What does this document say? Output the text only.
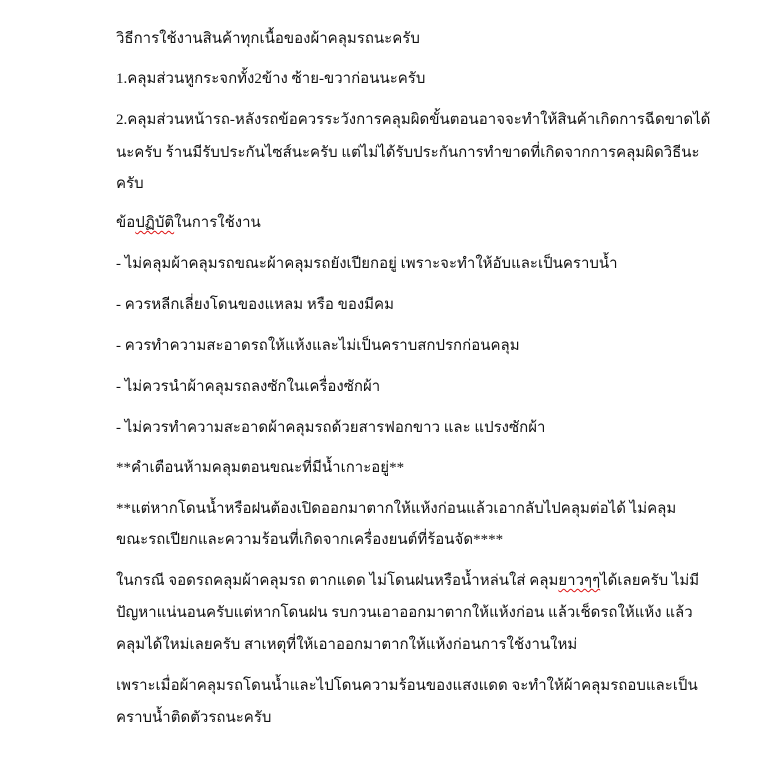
วิธีการใช้งานสินค้าทุกเนื้อของผ้าคลุมรถนะครับ
1.คลุมส่วนหูกระจกทั้ง2ข้าง ซ้าย-ขวาก่อนนะครับ
2.คลุมส่วนหน้ารถ-หลังรถข้อควรระวังการคลุมผิดขั้นตอนอาจจะทำให้สินค้าเกิดการฉีดขาดได้
นะครับ ร้านมีรับประกันไซส์นะครับ แต่ไม่ได้รับประกันการทำขาดที่เกิดจากการคลุมผิดวิธีนะ
ครับ
ข้อปฏิบัติในการใช้งาน
- ไม่คลุมผ้าคลุมรถขณะผ้าคลุมรถยังเปียกอยู่ เพราะจะทำให้อับและเป็นคราบน้ำ
- ควรหลีกเลี่ยงโดนของแหลม หรือ ของมีคม
- ควรทำความสะอาดรถให้แห้งและไม่เป็นคราบสกปรกก่อนคลุม
- ไม่ควรนำผ้าคลุมรถลงซักในเครื่องซักผ้า
- ไม่ควรทำความสะอาดผ้าคลุมรถด้วยสารฟอกขาว และ แปรงซักผ้า
**คำเตือนห้ามคลุมตอนขณะที่มีน้ำเกาะอยู่**
**แต่หากโดนน้ำหรือฝนต้องเปิดออกมาตากให้แห้งก่อนแล้วเอากลับไปคลุมต่อได้ ไม่คลุม
ขณะรถเปียกและความร้อนที่เกิดจากเครื่องยนต์ที่ร้อนจัด****
ในกรณี จอดรถคลุมผ้าคลุมรถ ตากแดด ไม่โดนฝนหรือน้ำหล่นใส่ คลุมยาวๆๆได้เลยครับ ไม่มี
ปัญหาแน่นอนครับแต่หากโดนฝน รบกวนเอาออกมาตากให้แห้งก่อน แล้วเช็ดรถให้แห้ง แล้ว
คลุมได้ใหม่เลยครับ สาเหตุที่ให้เอาออกมาตากให้แห้งก่อนการใช้งานใหม่
เพราะเมื่อผ้าคลุมรถโดนน้ำและไปโดนความร้อนของแสงแดด จะทำให้ผ้าคลุมรถอบและเป็น
คราบน้ำติดตัวรถนะครับ
